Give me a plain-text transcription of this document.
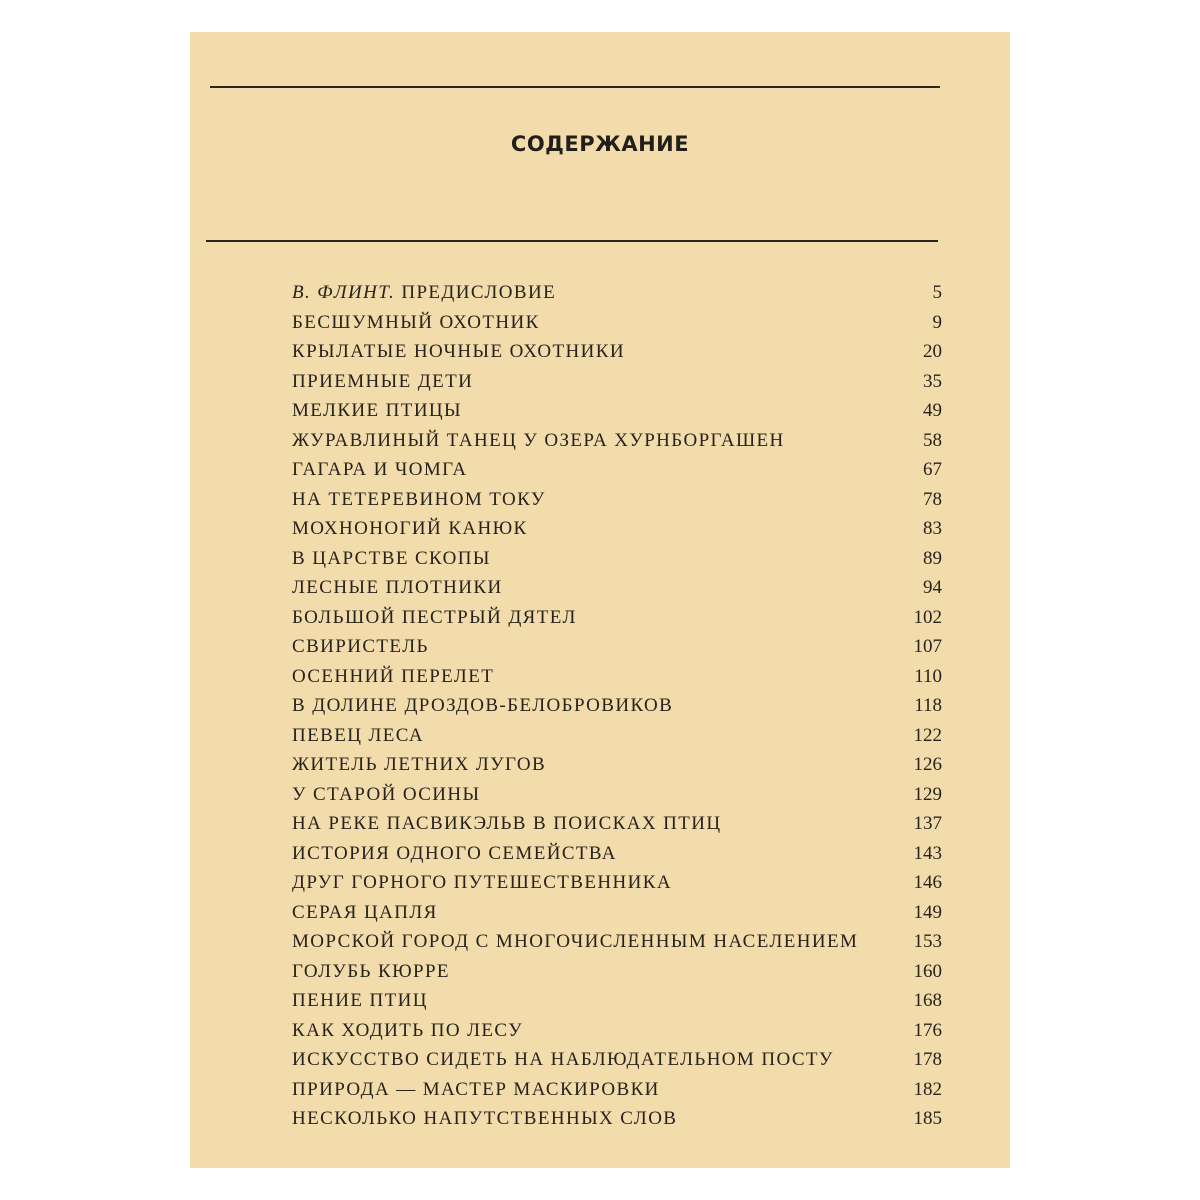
СОДЕРЖАНИЕ
В. ФЛИНТ. ПРЕДИСЛОВИЕ	5
БЕСШУМНЫЙ ОХОТНИК	9
КРЫЛАТЫЕ НОЧНЫЕ ОХОТНИКИ	20
ПРИЕМНЫЕ ДЕТИ	35
МЕЛКИЕ ПТИЦЫ	49
ЖУРАВЛИНЫЙ ТАНЕЦ У ОЗЕРА ХУРНБОРГАШЕН	58
ГАГАРА И ЧОМГА	67
НА ТЕТЕРЕВИНОМ ТОКУ	78
МОХНОНОГИЙ КАНЮК	83
В ЦАРСТВЕ СКОПЫ	89
ЛЕСНЫЕ ПЛОТНИКИ	94
БОЛЬШОЙ ПЕСТРЫЙ ДЯТЕЛ	102
СВИРИСТЕЛЬ	107
ОСЕННИЙ ПЕРЕЛЕТ	110
В ДОЛИНЕ ДРОЗДОВ-БЕЛОБРОВИКОВ	118
ПЕВЕЦ ЛЕСА	122
ЖИТЕЛЬ ЛЕТНИХ ЛУГОВ	126
У СТАРОЙ ОСИНЫ	129
НА РЕКЕ ПАСВИКЭЛЬВ В ПОИСКАХ ПТИЦ	137
ИСТОРИЯ ОДНОГО СЕМЕЙСТВА	143
ДРУГ ГОРНОГО ПУТЕШЕСТВЕННИКА	146
СЕРАЯ ЦАПЛЯ	149
МОРСКОЙ ГОРОД С МНОГОЧИСЛЕННЫМ НАСЕЛЕНИЕМ	153
ГОЛУБЬ КЮРРЕ	160
ПЕНИЕ ПТИЦ	168
КАК ХОДИТЬ ПО ЛЕСУ	176
ИСКУССТВО СИДЕТЬ НА НАБЛЮДАТЕЛЬНОМ ПОСТУ	178
ПРИРОДА — МАСТЕР МАСКИРОВКИ	182
НЕСКОЛЬКО НАПУТСТВЕННЫХ СЛОВ	185
